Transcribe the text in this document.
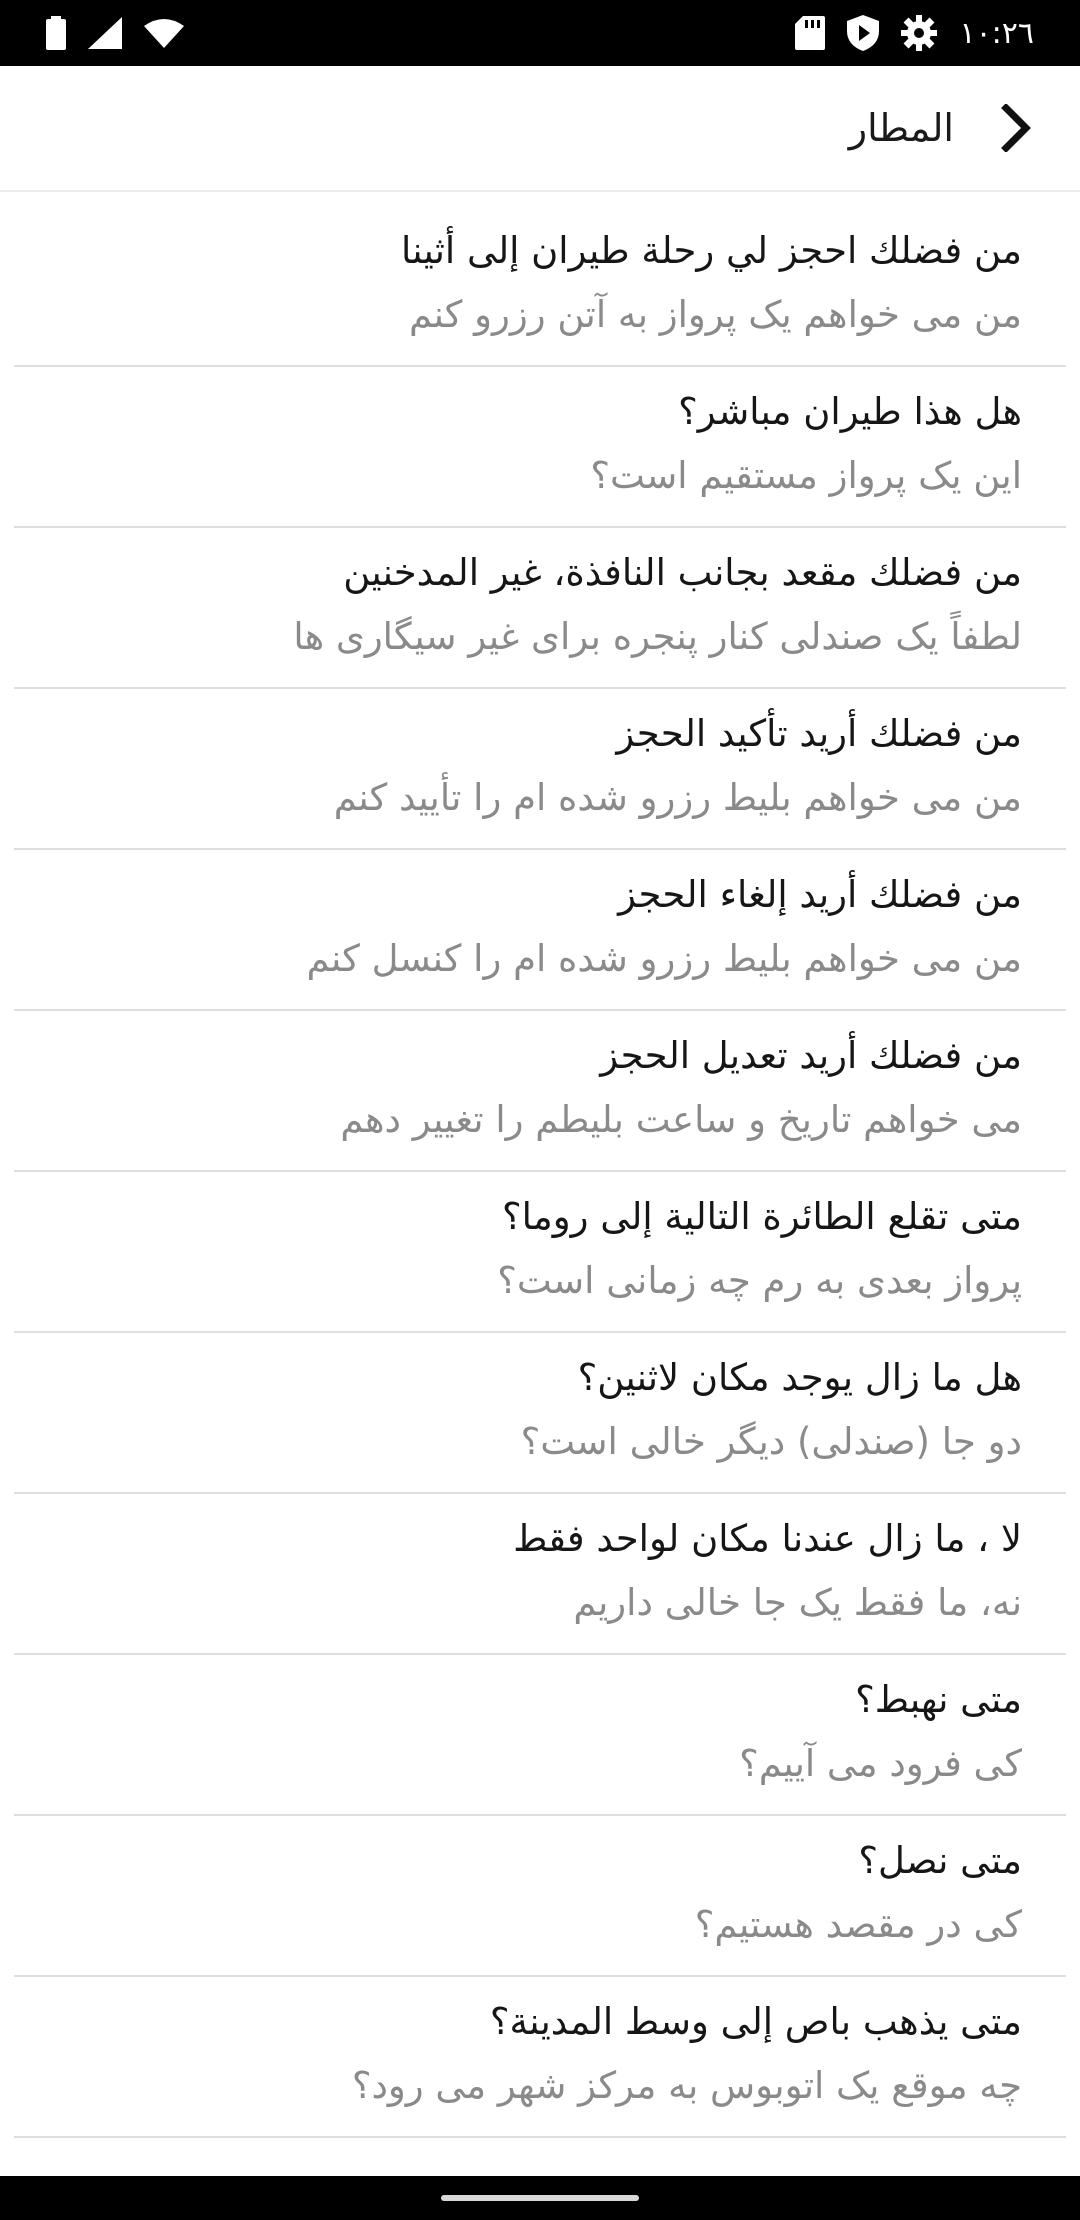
١٠:٢٦
المطار
من فضلك احجز لي رحلة طيران إلى أثينا
من می خواهم یک پرواز به آتن رزرو کنم
هل هذا طيران مباشر؟
این یک پرواز مستقیم است؟
من فضلك مقعد بجانب النافذة، غير المدخنين
لطفاً یک صندلی کنار پنجره برای غیر سیگاری ها
من فضلك أريد تأكيد الحجز
من می خواهم بلیط رزرو شده ام را تأیید کنم
من فضلك أريد إلغاء الحجز
من می خواهم بلیط رزرو شده ام را کنسل کنم
من فضلك أريد تعديل الحجز
می خواهم تاریخ و ساعت بلیطم را تغییر دهم
متى تقلع الطائرة التالية إلى روما؟
پرواز بعدی به رم چه زمانی است؟
هل ما زال يوجد مكان لاثنين؟
دو جا (صندلی) دیگر خالی است؟
لا ، ما زال عندنا مكان لواحد فقط
نه، ما فقط یک جا خالی داریم
متى نهبط؟
کی فرود می آییم؟
متى نصل؟
کی در مقصد هستیم؟
متى يذهب باص إلى وسط المدينة؟
چه موقع یک اتوبوس به مرکز شهر می رود؟
